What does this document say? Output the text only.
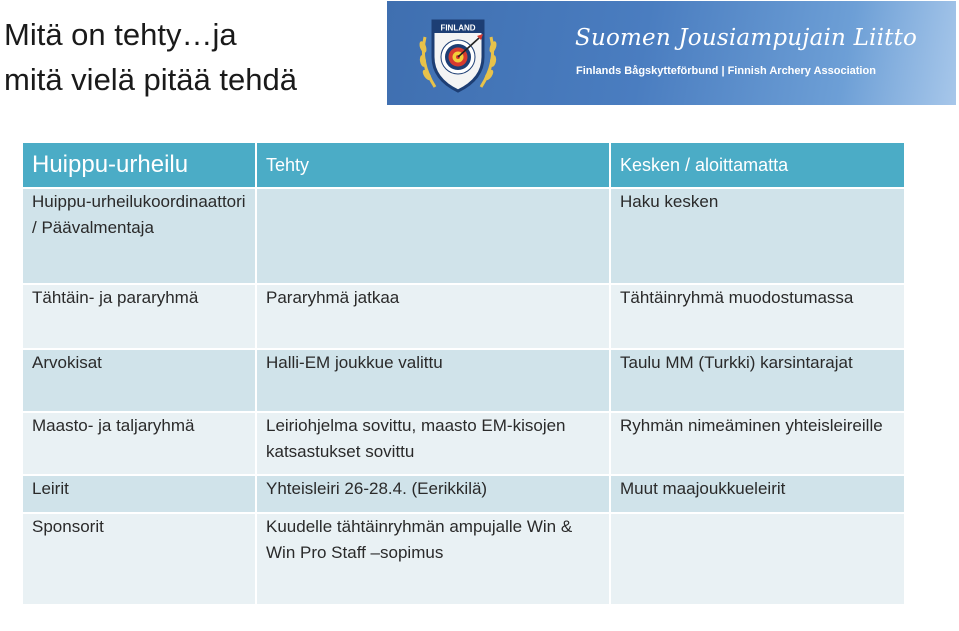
Mitä on tehty…ja
mitä vielä pitää tehdä
FINLAND	Suomen Jousiampujain Liitto
Finlands Bågskytteförbund | Finnish Archery Association
Huippu-urheilu	Tehty	Kesken / aloittamatta
Huippu-urheilukoordinaattori / Päävalmentaja		Haku kesken
Tähtäin- ja pararyhmä	Pararyhmä jatkaa	Tähtäinryhmä muodostumassa
Arvokisat	Halli-EM joukkue valittu	Taulu MM (Turkki) karsintarajat
Maasto- ja taljaryhmä	Leiriohjelma sovittu, maasto EM-kisojen katsastukset sovittu	Ryhmän nimeäminen yhteisleireille
Leirit	Yhteisleiri 26-28.4. (Eerikkilä)	Muut maajoukkueleirit
Sponsorit	Kuudelle tähtäinryhmän ampujalle Win & Win Pro Staff –sopimus	
